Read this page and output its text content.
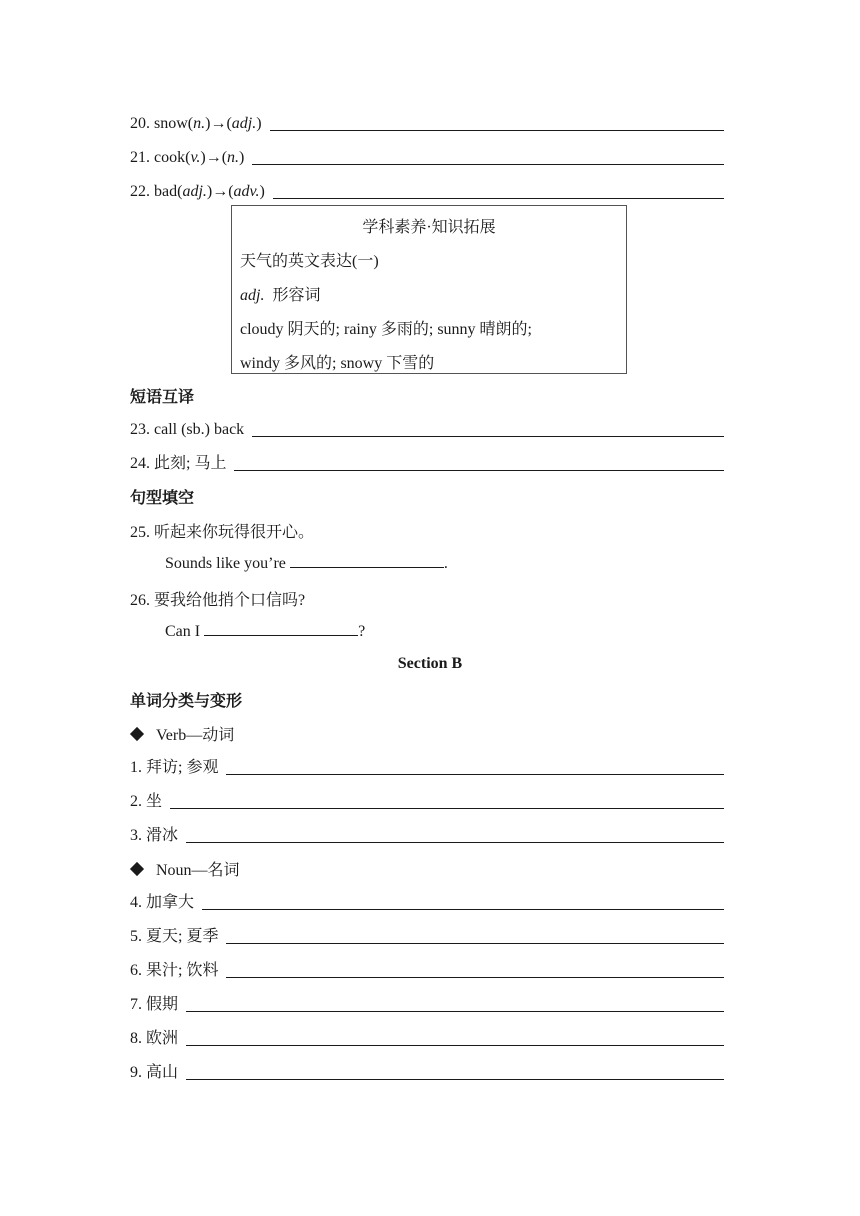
20. snow(n.)→(adj.)
21. cook(v.)→(n.)
22. bad(adj.)→(adv.)
学科素养·知识拓展
天气的英文表达(一)
adj. 形容词
cloudy 阴天的; rainy 多雨的; sunny 晴朗的;
windy 多风的; snowy 下雪的
短语互译
23. call (sb.) back
24. 此刻; 马上
句型填空
25. 听起来你玩得很开心。
Sounds like you’re	.
26. 要我给他捎个口信吗?
Can I	?
Section B
单词分类与变形
Verb—动词
1. 拜访; 参观
2. 坐
3. 滑冰
Noun—名词
4. 加拿大
5. 夏天; 夏季
6. 果汁; 饮料
7. 假期
8. 欧洲
9. 高山
